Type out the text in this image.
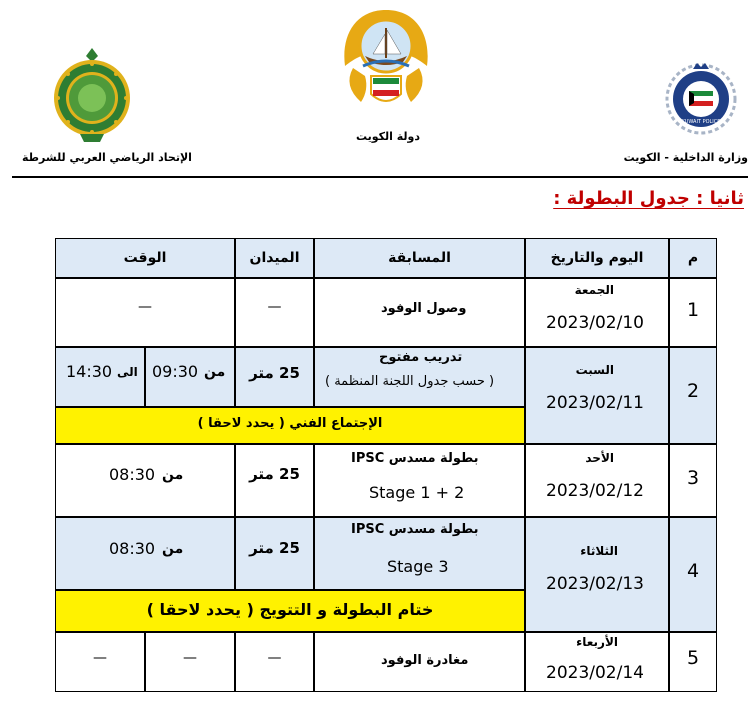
KUWAIT POLICE
وزارة الداخلية - الكويت
دولة الكويت
الإتحاد الرياضي العربي للشرطة
ثانيا : جدول البطولة :
م
اليوم والتاريخ
المسابقة
الميدان
الوقت
1
الجمعة
2023/02/10
وصول الوفود
—
—
2
السبت
2023/02/11
تدريب مفتوح
( حسب جدول اللجنة المنظمة )
25 متر
09:30 من
14:30 الى
الإجتماع الفني ( يحدد لاحقا )
3
الأحد
2023/02/12
بطولة مسدس IPSC
Stage 1 + 2
25 متر
08:30 من
4
الثلاثاء
2023/02/13
بطولة مسدس IPSC
Stage 3
25 متر
08:30 من
ختام البطولة و التتويج ( يحدد لاحقا )
5
الأربعاء
2023/02/14
مغادرة الوفود
—
—
—
